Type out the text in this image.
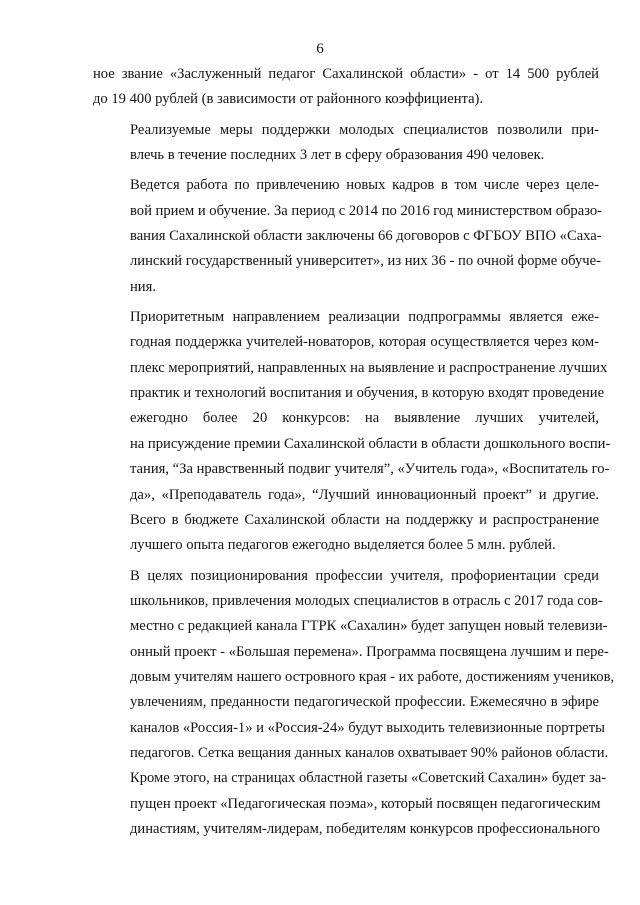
6

ное звание «Заслуженный педагог Сахалинской области» - от 14 500 рублей
до 19 400 рублей (в зависимости от районного коэффициента).

Реализуемые меры поддержки молодых специалистов позволили при-
влечь в течение последних 3 лет в сферу образования 490 человек.

Ведется работа по привлечению новых кадров в том числе через целе-
вой прием и обучение. За период с 2014 по 2016 год министерством образо-
вания Сахалинской области заключены 66 договоров с ФГБОУ ВПО «Саха-
линский государственный университет», из них 36 - по очной форме обуче-
ния.

Приоритетным направлением реализации подпрограммы является еже-
годная поддержка учителей-новаторов, которая осуществляется через ком-
плекс мероприятий, направленных на выявление и распространение лучших
практик и технологий воспитания и обучения, в которую входят проведение
ежегодно более 20 конкурсов: на выявление лучших учителей,
на присуждение премии Сахалинской области в области дошкольного воспи-
тания, “За нравственный подвиг учителя”, «Учитель года», «Воспитатель го-
да», «Преподаватель года», “Лучший инновационный проект” и другие.
Всего в бюджете Сахалинской области на поддержку и распространение
лучшего опыта педагогов ежегодно выделяется более 5 млн. рублей.

В целях позиционирования профессии учителя, профориентации среди
школьников, привлечения молодых специалистов в отрасль с 2017 года сов-
местно с редакцией канала ГТРК «Сахалин» будет запущен новый телевизи-
онный проект - «Большая перемена». Программа посвящена лучшим и пере-
довым учителям нашего островного края - их работе, достижениям учеников,
увлечениям, преданности педагогической профессии. Ежемесячно в эфире
каналов «Россия-1» и «Россия-24» будут выходить телевизионные портреты
педагогов. Сетка вещания данных каналов охватывает 90% районов области.
Кроме этого, на страницах областной газеты «Советский Сахалин» будет за-
пущен проект «Педагогическая поэма», который посвящен педагогическим
династиям, учителям-лидерам, победителям конкурсов профессионального
